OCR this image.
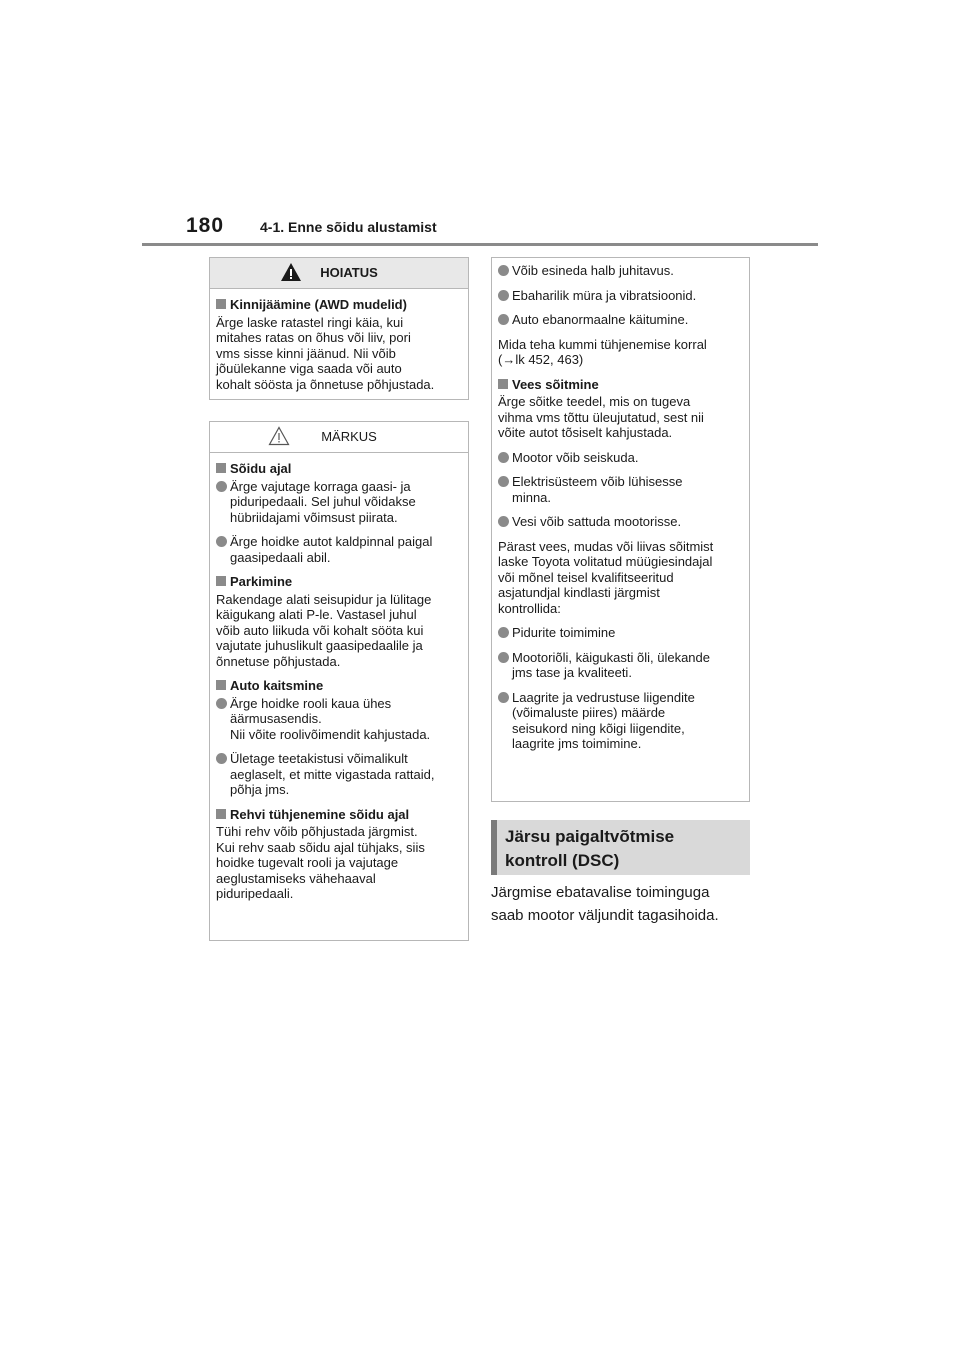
180	4-1. Enne sõidu alustamist
HOIATUS
Kinnijäämine (AWD mudelid)

Ärge laske ratastel ringi käia, kui
mitahes ratas on õhus või liiv, pori
vms sisse kinni jäänud. Nii võib
jõuülekanne viga saada või auto
kohalt söösta ja õnnetuse põhjustada.

MÄRKUS
Sõidu ajal
Ärge vajutage korraga gaasi- ja
piduripedaali. Sel juhul võidakse
hübriidajami võimsust piirata.
Ärge hoidke autot kaldpinnal paigal
gaasipedaali abil.
Parkimine

Rakendage alati seisupidur ja lülitage
käigukang alati P-le. Vastasel juhul
võib auto liikuda või kohalt sööta kui
vajutate juhuslikult gaasipedaalile ja
õnnetuse põhjustada.

Auto kaitsmine
Ärge hoidke rooli kaua ühes
äärmusasendis.
Nii võite roolivõimendit kahjustada.
Ületage teetakistusi võimalikult
aeglaselt, et mitte vigastada rattaid,
põhja jms.
Rehvi tühjenemine sõidu ajal

Tühi rehv võib põhjustada järgmist.
Kui rehv saab sõidu ajal tühjaks, siis
hoidke tugevalt rooli ja vajutage
aeglustamiseks vähehaaval
piduripedaali.

Võib esineda halb juhitavus.
Ebaharilik müra ja vibratsioonid.
Auto ebanormaalne käitumine.

Mida teha kummi tühjenemise korral
(→lk 452, 463)

Vees sõitmine

Ärge sõitke teedel, mis on tugeva
vihma vms tõttu üleujutatud, sest nii
võite autot tõsiselt kahjustada.

Mootor võib seiskuda.
Elektrisüsteem võib lühisesse
minna.
Vesi võib sattuda mootorisse.

Pärast vees, mudas või liivas sõitmist
laske Toyota volitatud müügiesindajal
või mõnel teisel kvalifitseeritud
asjatundjal kindlasti järgmist
kontrollida:

Pidurite toimimine
Mootoriõli, käigukasti õli, ülekande
jms tase ja kvaliteeti.
Laagrite ja vedrustuse liigendite
(võimaluste piires) määrde
seisukord ning kõigi liigendite,
laagrite jms toimimine.
Järsu paigaltvõtmise
kontroll (DSC)
Järgmise ebatavalise toiminguga
saab mootor väljundit tagasihoida.
